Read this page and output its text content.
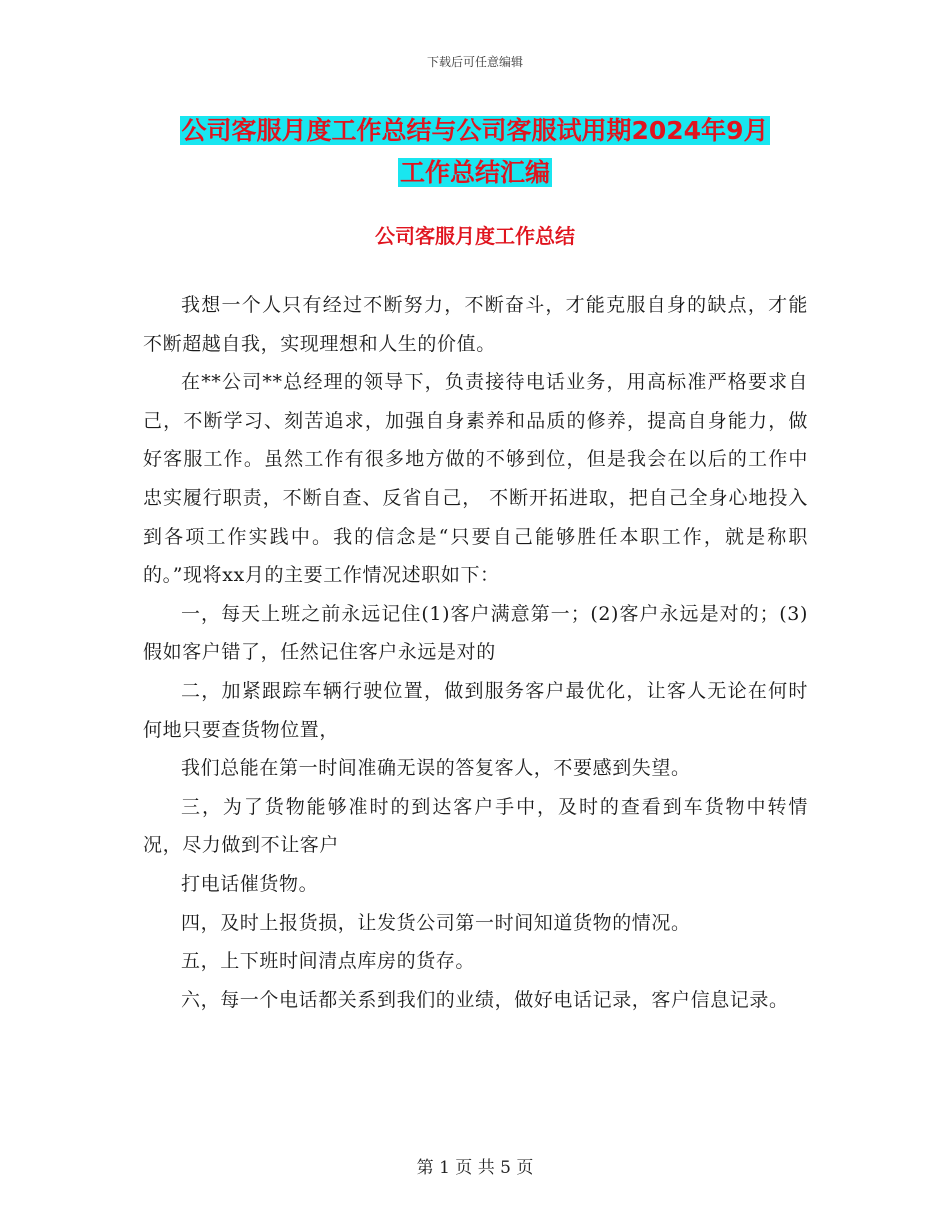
下载后可任意编辑
公司客服月度工作总结与公司客服试用期2024年9月
工作总结汇编
公司客服月度工作总结

我想一个人只有经过不断努力，不断奋斗，才能克服自身的缺点，才能不断超越自我，实现理想和人生的价值。

在**公司**总经理的领导下，负责接待电话业务，用高标准严格要求自己，不断学习、刻苦追求，加强自身素养和品质的修养，提高自身能力，做好客服工作。虽然工作有很多地方做的不够到位，但是我会在以后的工作中忠实履行职责，不断自查、反省自己， 不断开拓进取，把自己全身心地投入到各项工作实践中。我的信念是“只要自己能够胜任本职工作，就是称职的。”现将xx月的主要工作情况述职如下：

一，每天上班之前永远记住(1)客户满意第一；(2)客户永远是对的；(3)假如客户错了，任然记住客户永远是对的

二，加紧跟踪车辆行驶位置，做到服务客户最优化，让客人无论在何时何地只要查货物位置，

我们总能在第一时间准确无误的答复客人，不要感到失望。

三，为了货物能够准时的到达客户手中，及时的查看到车货物中转情况，尽力做到不让客户

打电话催货物。

四，及时上报货损，让发货公司第一时间知道货物的情况。

五，上下班时间清点库房的货存。

六，每一个电话都关系到我们的业绩，做好电话记录，客户信息记录。

第 1 页 共 5 页
